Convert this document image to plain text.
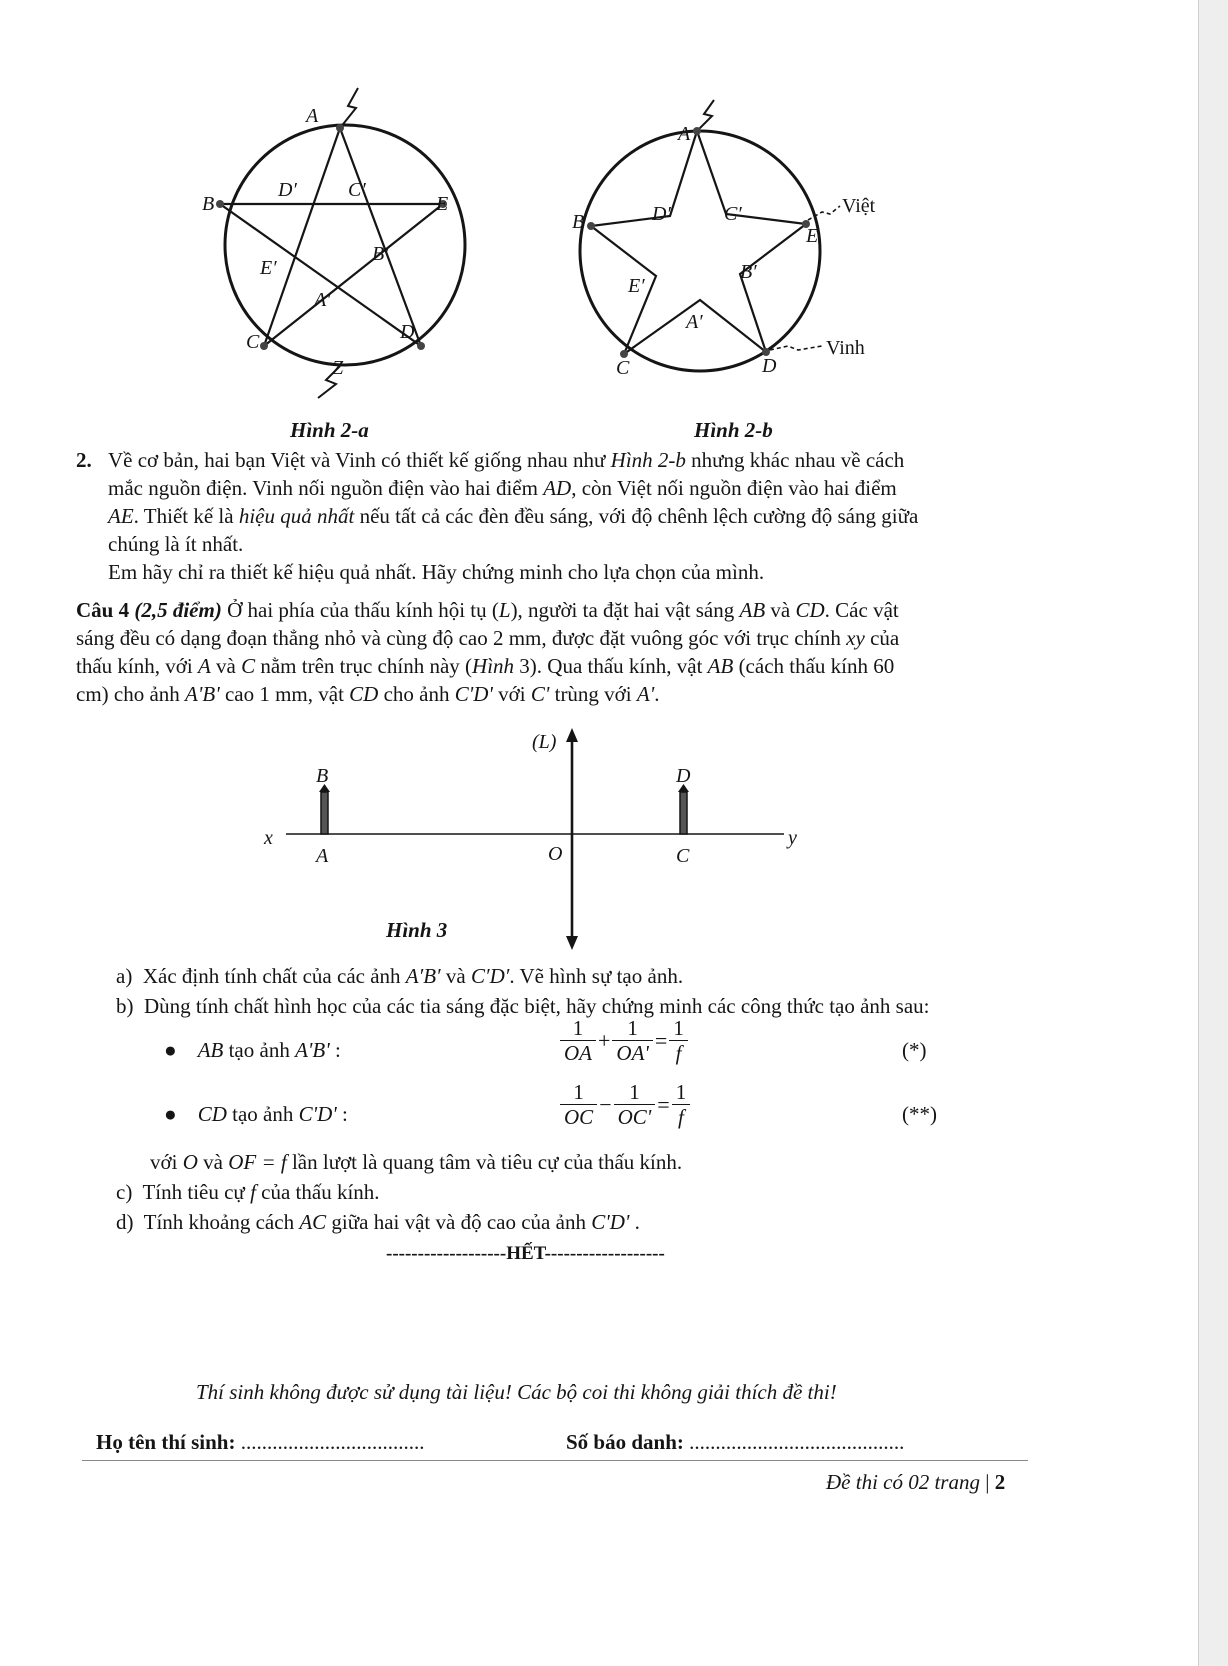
A
B	E
C	D
D′	C′
E′
B′
A′
Z
Hình 2-a
A
B
E
C	D
D′	C′
E′
B′
A′
Việt
Vinh
Hình 2-b
2. Về cơ bản, hai bạn Việt và Vinh có thiết kế giống nhau như Hình 2-b nhưng khác nhau về cách
mắc nguồn điện. Vinh nối nguồn điện vào hai điểm AD, còn Việt nối nguồn điện vào hai điểm
AE. Thiết kế là hiệu quả nhất nếu tất cả các đèn đều sáng, với độ chênh lệch cường độ sáng giữa
chúng là ít nhất.
Em hãy chỉ ra thiết kế hiệu quả nhất. Hãy chứng minh cho lựa chọn của mình.
Câu 4 (2,5 điểm) Ở hai phía của thấu kính hội tụ (L), người ta đặt hai vật sáng AB và CD. Các vật
sáng đều có dạng đoạn thẳng nhỏ và cùng độ cao 2 mm, được đặt vuông góc với trục chính xy của
thấu kính, với A và C nằm trên trục chính này (Hình 3). Qua thấu kính, vật AB (cách thấu kính 60
cm) cho ảnh A'B' cao 1 mm, vật CD cho ảnh C'D' với C' trùng với A'.
(L)
x	y
B
A
D
C
O
Hình 3
a) Xác định tính chất của các ảnh A′B′ và C′D′. Vẽ hình sự tạo ảnh.
b) Dùng tính chất hình học của các tia sáng đặc biệt, hãy chứng minh các công thức tạo ảnh sau:
● AB tạo ảnh A'B' :	$\frac{1}{OA} + \frac{1}{OA'} = \frac{1}{f}$	(*)
● CD tạo ảnh C'D' :	$\frac{1}{OC} - \frac{1}{OC'} = \frac{1}{f}$	(**)
với O và OF = f lần lượt là quang tâm và tiêu cự của thấu kính.
c) Tính tiêu cự f của thấu kính.
d) Tính khoảng cách AC giữa hai vật và độ cao của ảnh C'D' .
-------------------HẾT-------------------
Thí sinh không được sử dụng tài liệu! Các bộ coi thi không giải thích đề thi!
Họ tên thí sinh: ...................................	Số báo danh: .........................................
Đề thi có 02 trang | 2
